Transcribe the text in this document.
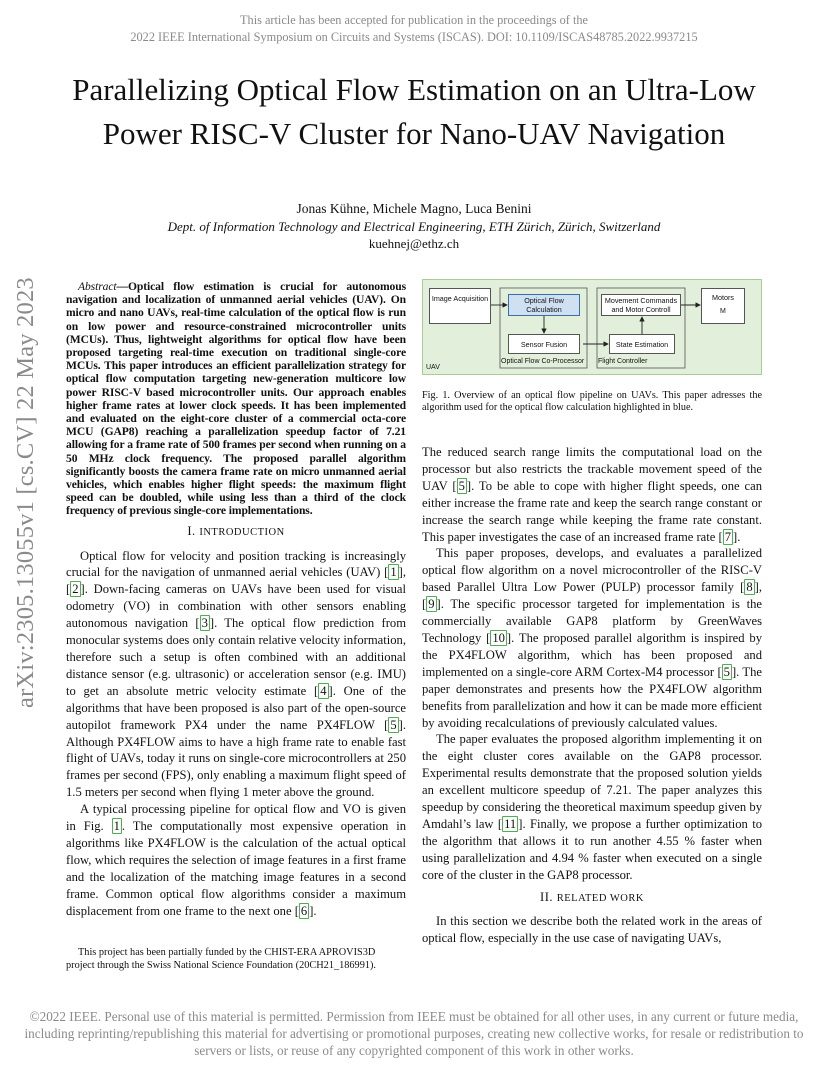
This article has been accepted for publication in the proceedings of the
2022 IEEE International Symposium on Circuits and Systems (ISCAS). DOI: 10.1109/ISCAS48785.2022.9937215
Parallelizing Optical Flow Estimation on an Ultra-Low Power RISC-V Cluster for Nano-UAV Navigation
Jonas Kühne, Michele Magno, Luca Benini
Dept. of Information Technology and Electrical Engineering, ETH Zürich, Zürich, Switzerland
kuehnej@ethz.ch
arXiv:2305.13055v1 [cs.CV] 22 May 2023	Abstract—Optical flow estimation is crucial for autonomous navigation and localization of unmanned aerial vehicles (UAV). On micro and nano UAVs, real-time calculation of the optical flow is run on low power and resource-constrained microcontroller units (MCUs). Thus, lightweight algorithms for optical flow have been proposed targeting real-time execution on traditional single-core MCUs. This paper introduces an efficient parallelization strategy for optical flow computation targeting new-generation multicore low power RISC-V based microcontroller units. Our approach enables higher frame rates at lower clock speeds. It has been implemented and evaluated on the eight-core cluster of a commercial octa-core MCU (GAP8) reaching a parallelization speedup factor of 7.21 allowing for a frame rate of 500 frames per second when running on a 50 MHz clock frequency. The proposed parallel algorithm significantly boosts the camera frame rate on micro unmanned aerial vehicles, which enables higher flight speeds: the maximum flight speed can be doubled, while using less than a third of the clock frequency of previous single-core implementations.

I. INTRODUCTION

Optical flow for velocity and position tracking is increasingly crucial for the navigation of unmanned aerial vehicles (UAV) [ 1 ], [ 2 ]. Down-facing cameras on UAVs have been used for visual odometry (VO) in combination with other sensors enabling autonomous navigation [ 3 ]. The optical flow prediction from monocular systems does only contain relative velocity information, therefore such a setup is often combined with an additional distance sensor (e.g. ultrasonic) or acceleration sensor (e.g. IMU) to get an absolute metric velocity estimate [ 4 ]. One of the algorithms that have been proposed is also part of the open-source autopilot framework PX4 under the name PX4FLOW [ 5 ]. Although PX4FLOW aims to have a high frame rate to enable fast flight of UAVs, today it runs on single-core microcontrollers at 250 frames per second (FPS), only enabling a maximum flight speed of 1.5 meters per second when flying 1 meter above the ground.

A typical processing pipeline for optical flow and VO is given in Fig. 1 . The computationally most expensive operation in algorithms like PX4FLOW is the calculation of the actual optical flow, which requires the selection of image features in a first frame and the localization of the matching image features in a second frame. Common optical flow algorithms consider a maximum displacement from one frame to the next one [ 6 ].

This project has been partially funded by the CHIST-ERA APROVIS3D project through the Swiss National Science Foundation (20CH21_186991).
Image Acquisition	Optical Flow Calculation
Sensor Fusion
Movement Commands and Motor Controll
State Estimation
Motors
M
Optical Flow Co-Processor Flight Controller
UAV
Fig. 1. Overview of an optical flow pipeline on UAVs. This paper adresses the algorithm used for the optical flow calculation highlighted in blue.

The reduced search range limits the computational load on the processor but also restricts the trackable movement speed of the UAV [ 5 ]. To be able to cope with higher flight speeds, one can either increase the frame rate and keep the search range constant or increase the search range while keeping the frame rate constant. This paper investigates the case of an increased frame rate [ 7 ].

This paper proposes, develops, and evaluates a parallelized optical flow algorithm on a novel microcontroller of the RISC-V based Parallel Ultra Low Power (PULP) processor family [ 8 ], [ 9 ]. The specific processor targeted for implementation is the commercially available GAP8 platform by GreenWaves Technology [ 10 ]. The proposed parallel algorithm is inspired by the PX4FLOW algorithm, which has been proposed and implemented on a single-core ARM Cortex-M4 processor [ 5 ]. The paper demonstrates and presents how the PX4FLOW algorithm benefits from parallelization and how it can be made more efficient by avoiding recalculations of previously calculated values.

The paper evaluates the proposed algorithm implementing it on the eight cluster cores available on the GAP8 processor. Experimental results demonstrate that the proposed solution yields an excellent multicore speedup of 7.21. The paper analyzes this speedup by considering the theoretical maximum speedup given by Amdahl’s law [ 11 ]. Finally, we propose a further optimization to the algorithm that allows it to run another 4.55 % faster when using parallelization and 4.94 % faster when executed on a single core of the cluster in the GAP8 processor.

II. RELATED WORK

In this section we describe both the related work in the areas of optical flow, especially in the use case of navigating UAVs,

©2022 IEEE. Personal use of this material is permitted. Permission from IEEE must be obtained for all other uses, in any current or future media, including reprinting/republishing this material for advertising or promotional purposes, creating new collective works, for resale or redistribution to servers or lists, or reuse of any copyrighted component of this work in other works.
